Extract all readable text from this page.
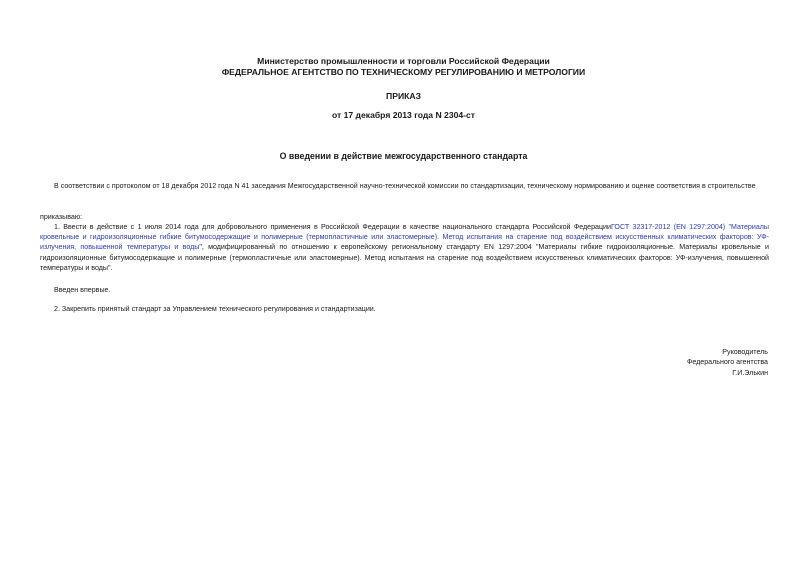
Министерство промышленности и торговли Российской Федерации
ФЕДЕРАЛЬНОЕ АГЕНТСТВО ПО ТЕХНИЧЕСКОМУ РЕГУЛИРОВАНИЮ И МЕТРОЛОГИИ
ПРИКАЗ
от 17 декабря 2013 года N 2304-ст
О введении в действие межгосударственного стандарта
В соответствии с протоколом от 18 декабря 2012 года N 41 заседания Межгосударственной научно-технической комиссии по стандартизации, техническому нормированию и оценке соответствия в строительстве
приказываю:
1. Ввести в действие с 1 июля 2014 года для добровольного применения в Российской Федерации в качестве национального стандарта Российской ФедерацииГОСТ 32317-2012 (EN 1297:2004) "Материалы кровельные и гидроизоляционные гибкие битумосодержащие и полимерные (термопластичные или эластомерные). Метод испытания на старение под воздействием искусственных климатических факторов: УФ-излучения, повышенной температуры и воды", модифицированный по отношению к европейскому региональному стандарту EN 1297:2004 "Материалы гибкие гидроизоляционные. Материалы кровельные и гидроизоляционные битумосодержащие и полимерные (термопластичные или эластомерные). Метод испытания на старение под воздействием искусственных климатических факторов: УФ-излучения, повышенной температуры и воды".
Введен впервые.
2. Закрепить принятый стандарт за Управлением технического регулирования и стандартизации.
Руководитель
Федерального агентства
Г.И.Элькин
